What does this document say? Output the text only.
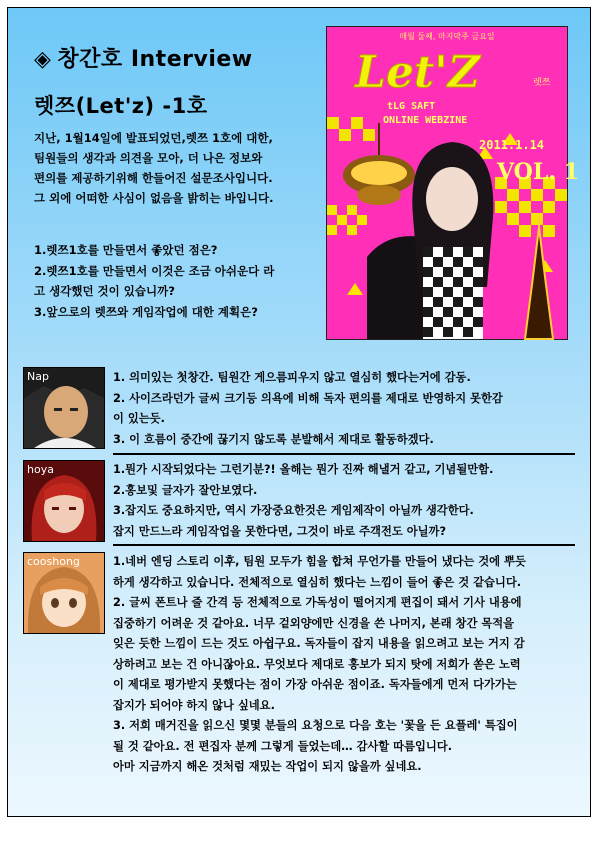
◈ 창간호 Interview
렛쯔(Let'z) -1호
지난, 1월14일에 발표되었던,렛쯔 1호에 대한,
팀원들의 생각과 의견을 모아, 더 나은 정보와
편의를 제공하기위해 한들어진 설문조사입니다.
그 외에 어떠한 사심이 없음을 밝히는 바입니다.
1.렛쯔1호를 만들면서 좋았던 점은?
2.렛쯔1호를 만들면서 이것은 조금 아쉬운다 라
고 생각했던 것이 있습니까?
3.앞으로의 렛쯔와 게임작업에 대한 계획은?
매월 둘째, 마지막주 금요일
Let'Z	렛쯔
tLG SAFT
ONLINE WEBZINE
2011.1.14
VOL. 1
Nap	1. 의미있는 첫창간. 팀원간 게으름피우지 않고 열심히 했다는거에 감동.

2. 사이즈라던가 글씨 크기등 의욕에 비해 독자 편의를 제대로 반영하지 못한감

이 있는듯.

3. 이 흐름이 중간에 끊기지 않도록 분발해서 제대로 활동하겠다.

hoya	1.뭔가 시작되었다는 그런기분?! 올해는 뭔가 진짜 해낼거 같고, 기념될만함.

2.홍보및 글자가 잘안보였다.

3.잡지도 중요하지만, 역시 가장중요한것은 게임제작이 아닐까 생각한다.

잡지 만드느라 게임작업을 못한다면, 그것이 바로 주객전도 아닐까?

cooshong	1.네버 엔딩 스토리 이후, 팀원 모두가 힘을 합쳐 무언가를 만들어 냈다는 것에 뿌듯

하게 생각하고 있습니다. 전체적으로 열심히 했다는 느낌이 들어 좋은 것 같습니다.

2. 글씨 폰트나 줄 간격 등 전체적으로 가독성이 떨어지게 편집이 돼서 기사 내용에

집중하기 어려운 것 같아요. 너무 겉외양에만 신경을 쓴 나머지, 본래 창간 목적을

잊은 듯한 느낌이 드는 것도 아쉽구요. 독자들이 잡지 내용을 읽으려고 보는 거지 감

상하려고 보는 건 아니잖아요. 무엇보다 제대로 홍보가 되지 탓에 저희가 쏟은 노력

이 제대로 평가받지 못했다는 점이 가장 아쉬운 점이죠. 독자들에게 먼저 다가가는

잡지가 되어야 하지 않나 싶네요.

3. 저희 매거진을 읽으신 몇몇 분들의 요청으로 다음 호는 '꽃을 든 요플레' 특집이

될 것 같아요. 전 편집자 분께 그렇게 들었는데… 감사할 따름입니다.

아마 지금까지 해온 것처럼 재밌는 작업이 되지 않을까 싶네요.
